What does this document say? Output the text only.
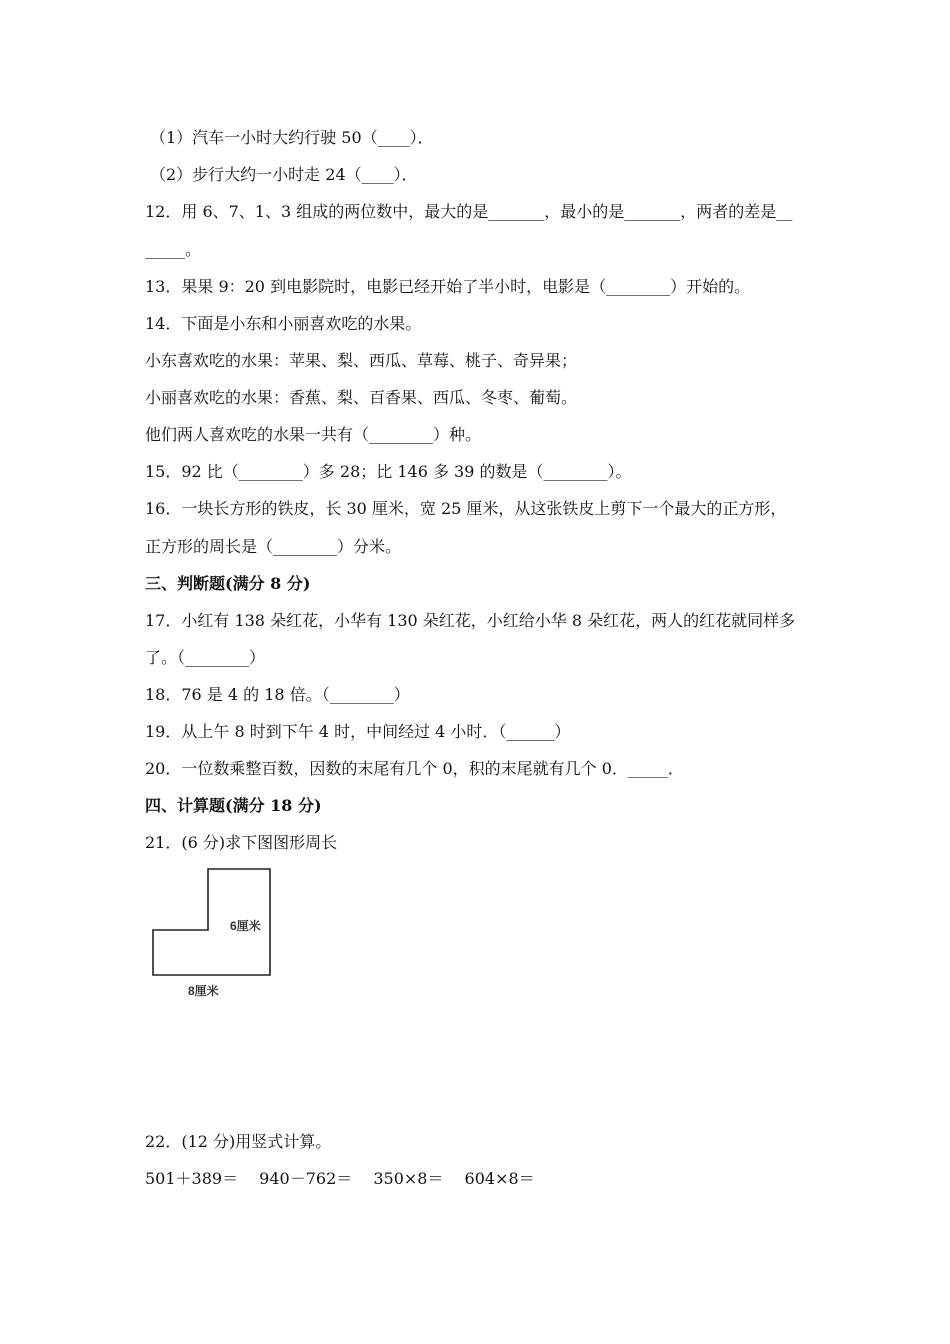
（1）汽车一小时大约行驶 50（____）．
（2）步行大约一小时走 24（____）．
12．用 6、7、1、3 组成的两位数中，最大的是_______，最小的是_______，两者的差是__
_____。
13．果果 9：20 到电影院时，电影已经开始了半小时，电影是（________）开始的。
14．下面是小东和小丽喜欢吃的水果。
小东喜欢吃的水果：苹果、梨、西瓜、草莓、桃子、奇异果；
小丽喜欢吃的水果：香蕉、梨、百香果、西瓜、冬枣、葡萄。
他们两人喜欢吃的水果一共有（________）种。
15．92 比（________）多 28；比 146 多 39 的数是（________）。
16．一块长方形的铁皮，长 30 厘米，宽 25 厘米，从这张铁皮上剪下一个最大的正方形，
正方形的周长是（________）分米。
三、判断题(满分 8 分)
17．小红有 138 朵红花，小华有 130 朵红花，小红给小华 8 朵红花，两人的红花就同样多
了。（________）
18．76 是 4 的 18 倍。（________）
19．从上午 8 时到下午 4 时，中间经过 4 小时．（______）
20．一位数乘整百数，因数的末尾有几个 0，积的末尾就有几个 0．_____．
四、计算题(满分 18 分)
21．(6 分)求下图图形周长
6厘米
8厘米
22．(12 分)用竖式计算。
501＋389＝　 940－762＝　 350×8＝　 604×8＝
